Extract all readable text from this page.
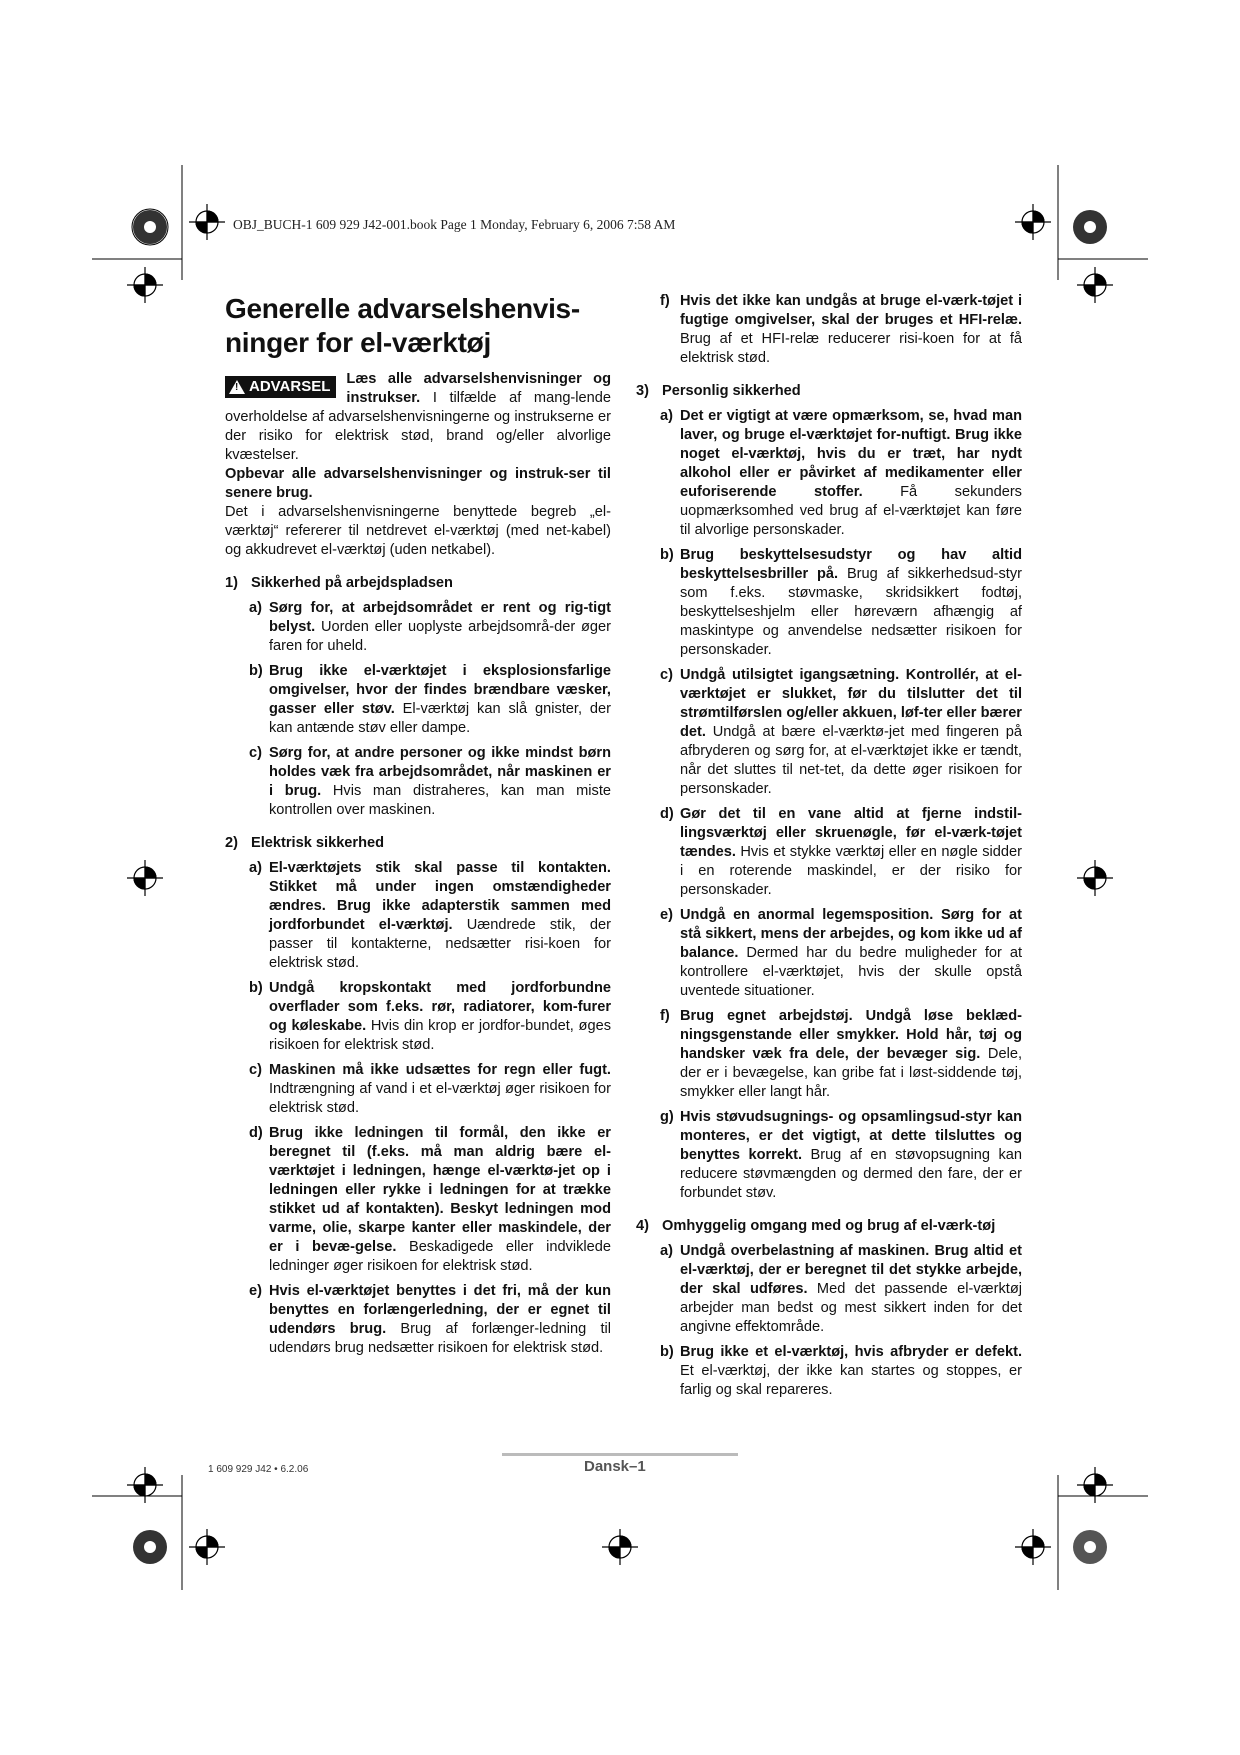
OBJ_BUCH-1 609 929 J42-001.book Page 1 Monday, February 6, 2006 7:58 AM
Generelle advarselshenvis-ninger for el-værktøj
! ADVARSEL Læs alle advarselshenvisninger og instrukser. I tilfælde af mang-lende overholdelse af advarselshenvisningerne og instrukserne er der risiko for elektrisk stød, brand og/eller alvorlige kvæstelser.

Opbevar alle advarselshenvisninger og instruk-ser til senere brug.

Det i advarselshenvisningerne benyttede begreb „el-værktøj“ refererer til netdrevet el-værktøj (med net-kabel) og akkudrevet el-værktøj (uden netkabel).

1) Sikkerhed på arbejdspladsen
a) Sørg for, at arbejdsområdet er rent og rig-tigt belyst. Uorden eller uoplyste arbejdsområ-der øger faren for uheld.
b) Brug ikke el-værktøjet i eksplosionsfarlige omgivelser, hvor der findes brændbare væsker, gasser eller støv. El-værktøj kan slå gnister, der kan antænde støv eller dampe.
c) Sørg for, at andre personer og ikke mindst børn holdes væk fra arbejdsområdet, når maskinen er i brug. Hvis man distraheres, kan man miste kontrollen over maskinen.
2) Elektrisk sikkerhed
a) El-værktøjets stik skal passe til kontakten. Stikket må under ingen omstændigheder ændres. Brug ikke adapterstik sammen med jordforbundet el-værktøj. Uændrede stik, der passer til kontakterne, nedsætter risi-koen for elektrisk stød.
b) Undgå kropskontakt med jordforbundne overflader som f.eks. rør, radiatorer, kom-furer og køleskabe. Hvis din krop er jordfor-bundet, øges risikoen for elektrisk stød.
c) Maskinen må ikke udsættes for regn eller fugt. Indtrængning af vand i et el-værktøj øger risikoen for elektrisk stød.
d) Brug ikke ledningen til formål, den ikke er beregnet til (f.eks. må man aldrig bære el-værktøjet i ledningen, hænge el-værktø-jet op i ledningen eller rykke i ledningen for at trække stikket ud af kontakten). Beskyt ledningen mod varme, olie, skarpe kanter eller maskindele, der er i bevæ-gelse. Beskadigede eller indviklede ledninger øger risikoen for elektrisk stød.
e) Hvis el-værktøjet benyttes i det fri, må der kun benyttes en forlængerledning, der er egnet til udendørs brug. Brug af forlænger-ledning til udendørs brug nedsætter risikoen for elektrisk stød.
f) Hvis det ikke kan undgås at bruge el-værk-tøjet i fugtige omgivelser, skal der bruges et HFI-relæ. Brug af et HFI-relæ reducerer risi-koen for at få elektrisk stød.
3) Personlig sikkerhed
a) Det er vigtigt at være opmærksom, se, hvad man laver, og bruge el-værktøjet for-nuftigt. Brug ikke noget el-værktøj, hvis du er træt, har nydt alkohol eller er påvirket af medikamenter eller euforiserende stoffer. Få sekunders uopmærksomhed ved brug af el-værktøjet kan føre til alvorlige personskader.
b) Brug beskyttelsesudstyr og hav altid beskyttelsesbriller på. Brug af sikkerhedsud-styr som f.eks. støvmaske, skridsikkert fodtøj, beskyttelseshjelm eller høreværn afhængig af maskintype og anvendelse nedsætter risikoen for personskader.
c) Undgå utilsigtet igangsætning. Kontrollér, at el-værktøjet er slukket, før du tilslutter det til strømtilførslen og/eller akkuen, løf-ter eller bærer det. Undgå at bære el-værktø-jet med fingeren på afbryderen og sørg for, at el-værktøjet ikke er tændt, når det sluttes til net-tet, da dette øger risikoen for personskader.
d) Gør det til en vane altid at fjerne indstil-lingsværktøj eller skruenøgle, før el-værk-tøjet tændes. Hvis et stykke værktøj eller en nøgle sidder i en roterende maskindel, er der risiko for personskader.
e) Undgå en anormal legemsposition. Sørg for at stå sikkert, mens der arbejdes, og kom ikke ud af balance. Dermed har du bedre muligheder for at kontrollere el-værktøjet, hvis der skulle opstå uventede situationer.
f) Brug egnet arbejdstøj. Undgå løse beklæd-ningsgenstande eller smykker. Hold hår, tøj og handsker væk fra dele, der bevæger sig. Dele, der er i bevægelse, kan gribe fat i løst-siddende tøj, smykker eller langt hår.
g) Hvis støvudsugnings- og opsamlingsud-styr kan monteres, er det vigtigt, at dette tilsluttes og benyttes korrekt. Brug af en støvopsugning kan reducere støvmængden og dermed den fare, der er forbundet støv.
4) Omhyggelig omgang med og brug af el-værk-tøj
a) Undgå overbelastning af maskinen. Brug altid et el-værktøj, der er beregnet til det stykke arbejde, der skal udføres. Med det passende el-værktøj arbejder man bedst og mest sikkert inden for det angivne effektområde.
b) Brug ikke et el-værktøj, hvis afbryder er defekt. Et el-værktøj, der ikke kan startes og stoppes, er farlig og skal repareres.
1 609 929 J42 • 6.2.06	Dansk–1
